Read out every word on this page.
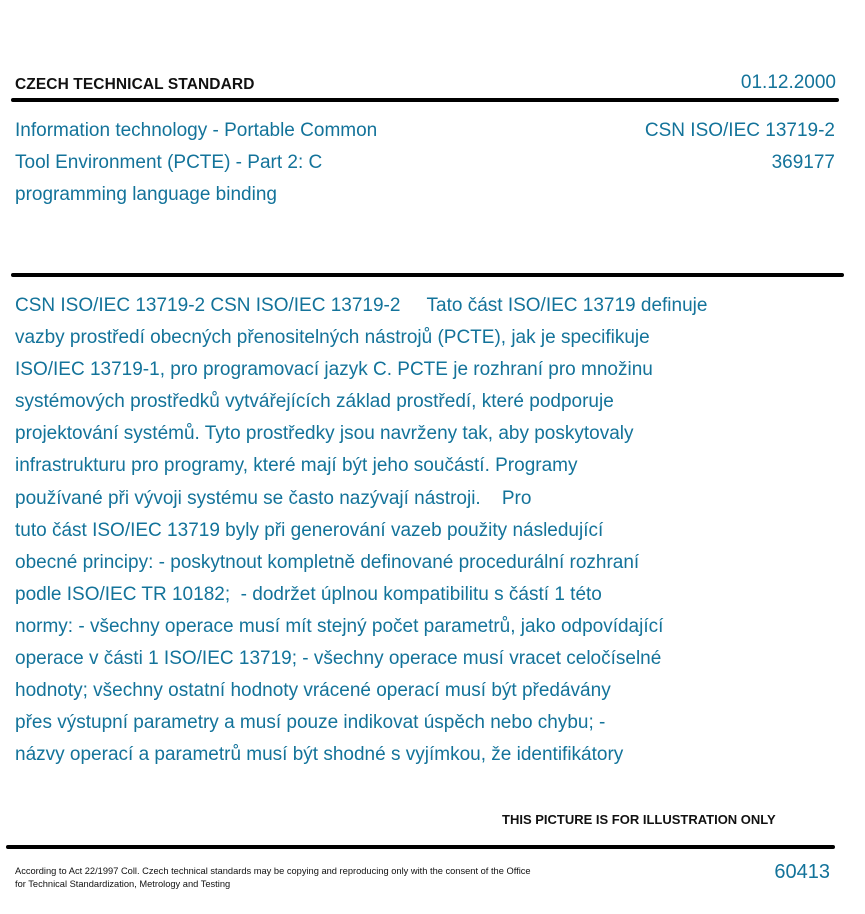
CZECH TECHNICAL STANDARD	01.12.2000
Information technology - Portable Common
Tool Environment (PCTE) - Part 2: C
programming language binding
CSN ISO/IEC 13719-2
369177
CSN ISO/IEC 13719-2 CSN ISO/IEC 13719-2     Tato část ISO/IEC 13719 definuje
vazby prostředí obecných přenositelných nástrojů (PCTE), jak je specifikuje
ISO/IEC 13719-1, pro programovací jazyk C. PCTE je rozhraní pro množinu
systémových prostředků vytvářejících základ prostředí, které podporuje
projektování systémů. Tyto prostředky jsou navrženy tak, aby poskytovaly
infrastrukturu pro programy, které mají být jeho součástí. Programy
používané při vývoji systému se často nazývají nástroji.    Pro
tuto část ISO/IEC 13719 byly při generování vazeb použity následující
obecné principy: - poskytnout kompletně definované procedurální rozhraní
podle ISO/IEC TR 10182;  - dodržet úplnou kompatibilitu s částí 1 této
normy: - všechny operace musí mít stejný počet parametrů, jako odpovídající
operace v části 1 ISO/IEC 13719; - všechny operace musí vracet celočíselné
hodnoty; všechny ostatní hodnoty vrácené operací musí být předávány
přes výstupní parametry a musí pouze indikovat úspěch nebo chybu; -
názvy operací a parametrů musí být shodné s vyjímkou, že identifikátory
THIS PICTURE IS FOR ILLUSTRATION ONLY
According to Act 22/1997 Coll. Czech technical standards may be copying and reproducing only with the consent of the Office
for Technical Standardization, Metrology and Testing
60413
